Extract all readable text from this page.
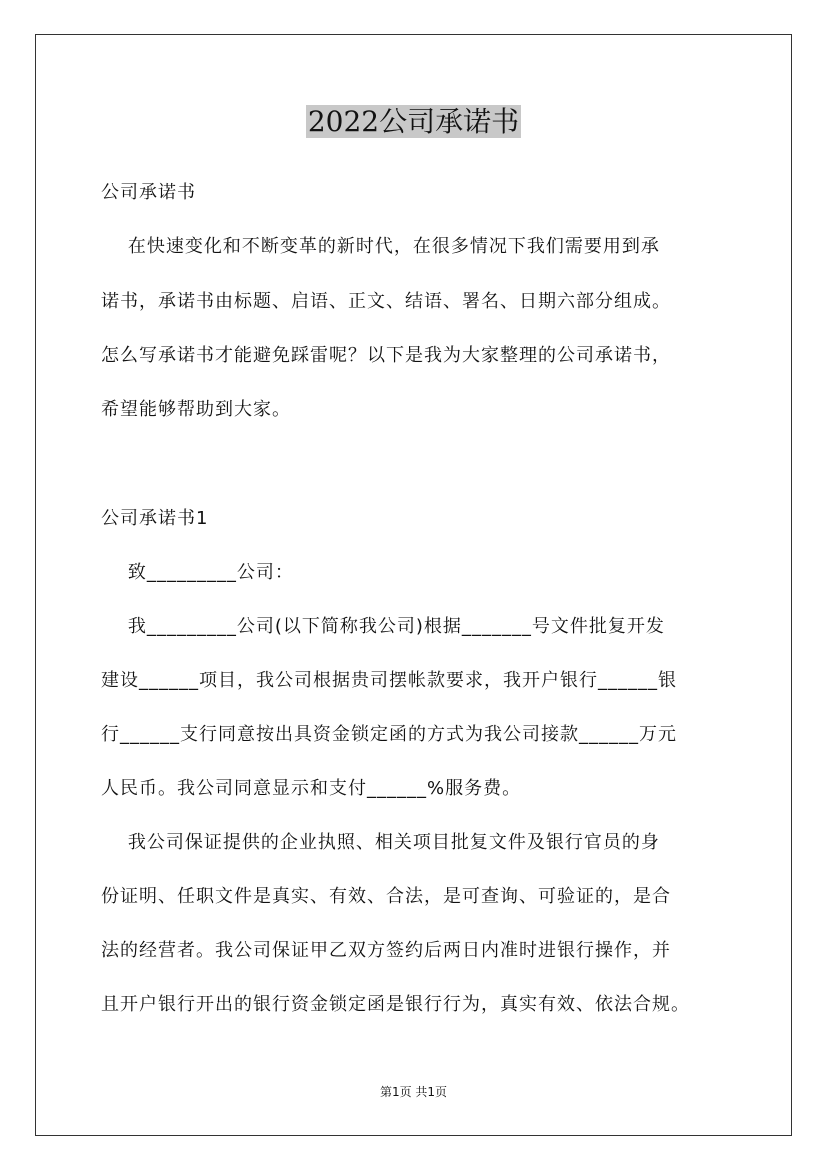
2022公司承诺书
公司承诺书
在快速变化和不断变革的新时代，在很多情况下我们需要用到承
诺书，承诺书由标题、启语、正文、结语、署名、日期六部分组成。
怎么写承诺书才能避免踩雷呢？以下是我为大家整理的公司承诺书，
希望能够帮助到大家。
公司承诺书1
致_________公司：
我_________公司(以下简称我公司)根据_______号文件批复开发
建设______项目，我公司根据贵司摆帐款要求，我开户银行______银
行______支行同意按出具资金锁定函的方式为我公司接款______万元
人民币。我公司同意显示和支付______%服务费。
我公司保证提供的企业执照、相关项目批复文件及银行官员的身
份证明、任职文件是真实、有效、合法，是可查询、可验证的，是合
法的经营者。我公司保证甲乙双方签约后两日内准时进银行操作，并
且开户银行开出的银行资金锁定函是银行行为，真实有效、依法合规。
第1页 共1页
